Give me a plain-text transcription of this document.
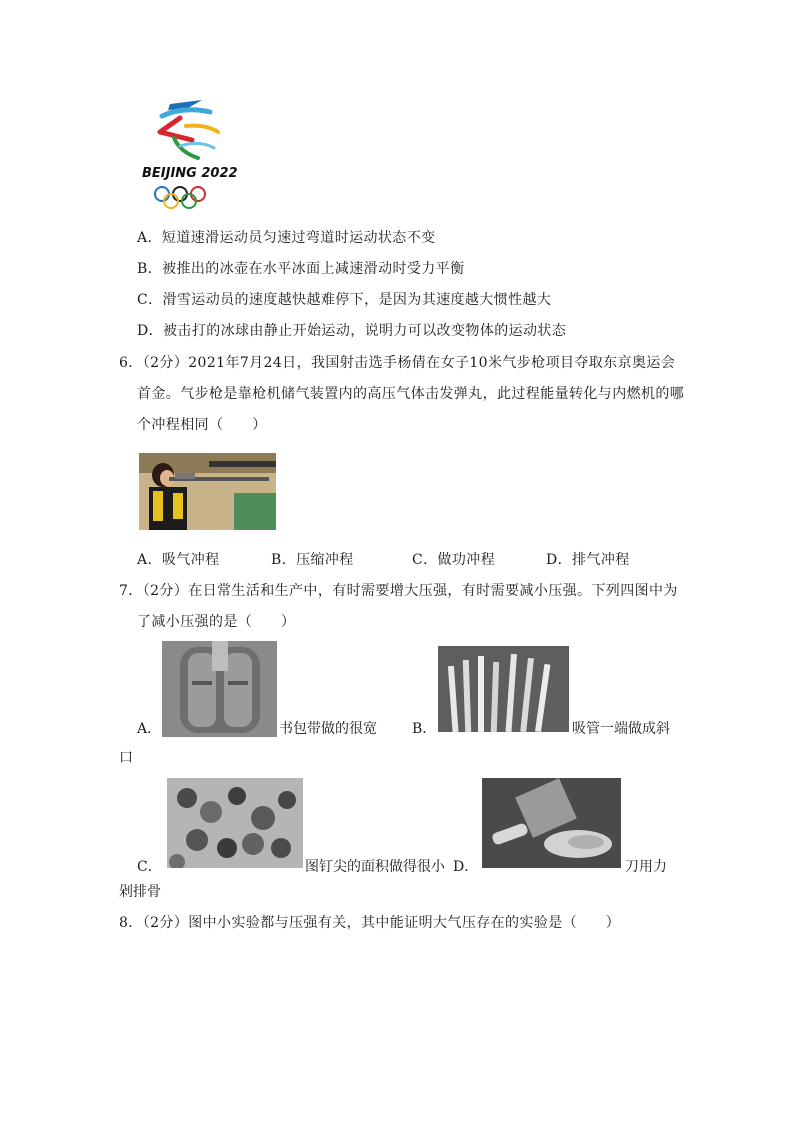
BEIJING 2022
A．短道速滑运动员匀速过弯道时运动状态不变
B．被推出的冰壶在水平冰面上减速滑动时受力平衡
C．滑雪运动员的速度越快越难停下，是因为其速度越大惯性越大
D．被击打的冰球由静止开始运动，说明力可以改变物体的运动状态
6．（2分）2021年7月24日，我国射击选手杨倩在女子10米气步枪项目夺取东京奥运会
首金。气步枪是靠枪机储气装置内的高压气体击发弹丸，此过程能量转化与内燃机的哪
个冲程相同（　　）
A．吸气冲程	B．压缩冲程	C．做功冲程	D．排气冲程
7．（2分）在日常生活和生产中，有时需要增大压强，有时需要减小压强。下列四图中为
了减小压强的是（　　）
A．	书包带做的很宽	B．	吸管一端做成斜
口
C．	图钉尖的面积做得很小 D．	刀用力
剁排骨
8．（2分）图中小实验都与压强有关，其中能证明大气压存在的实验是（　　）
